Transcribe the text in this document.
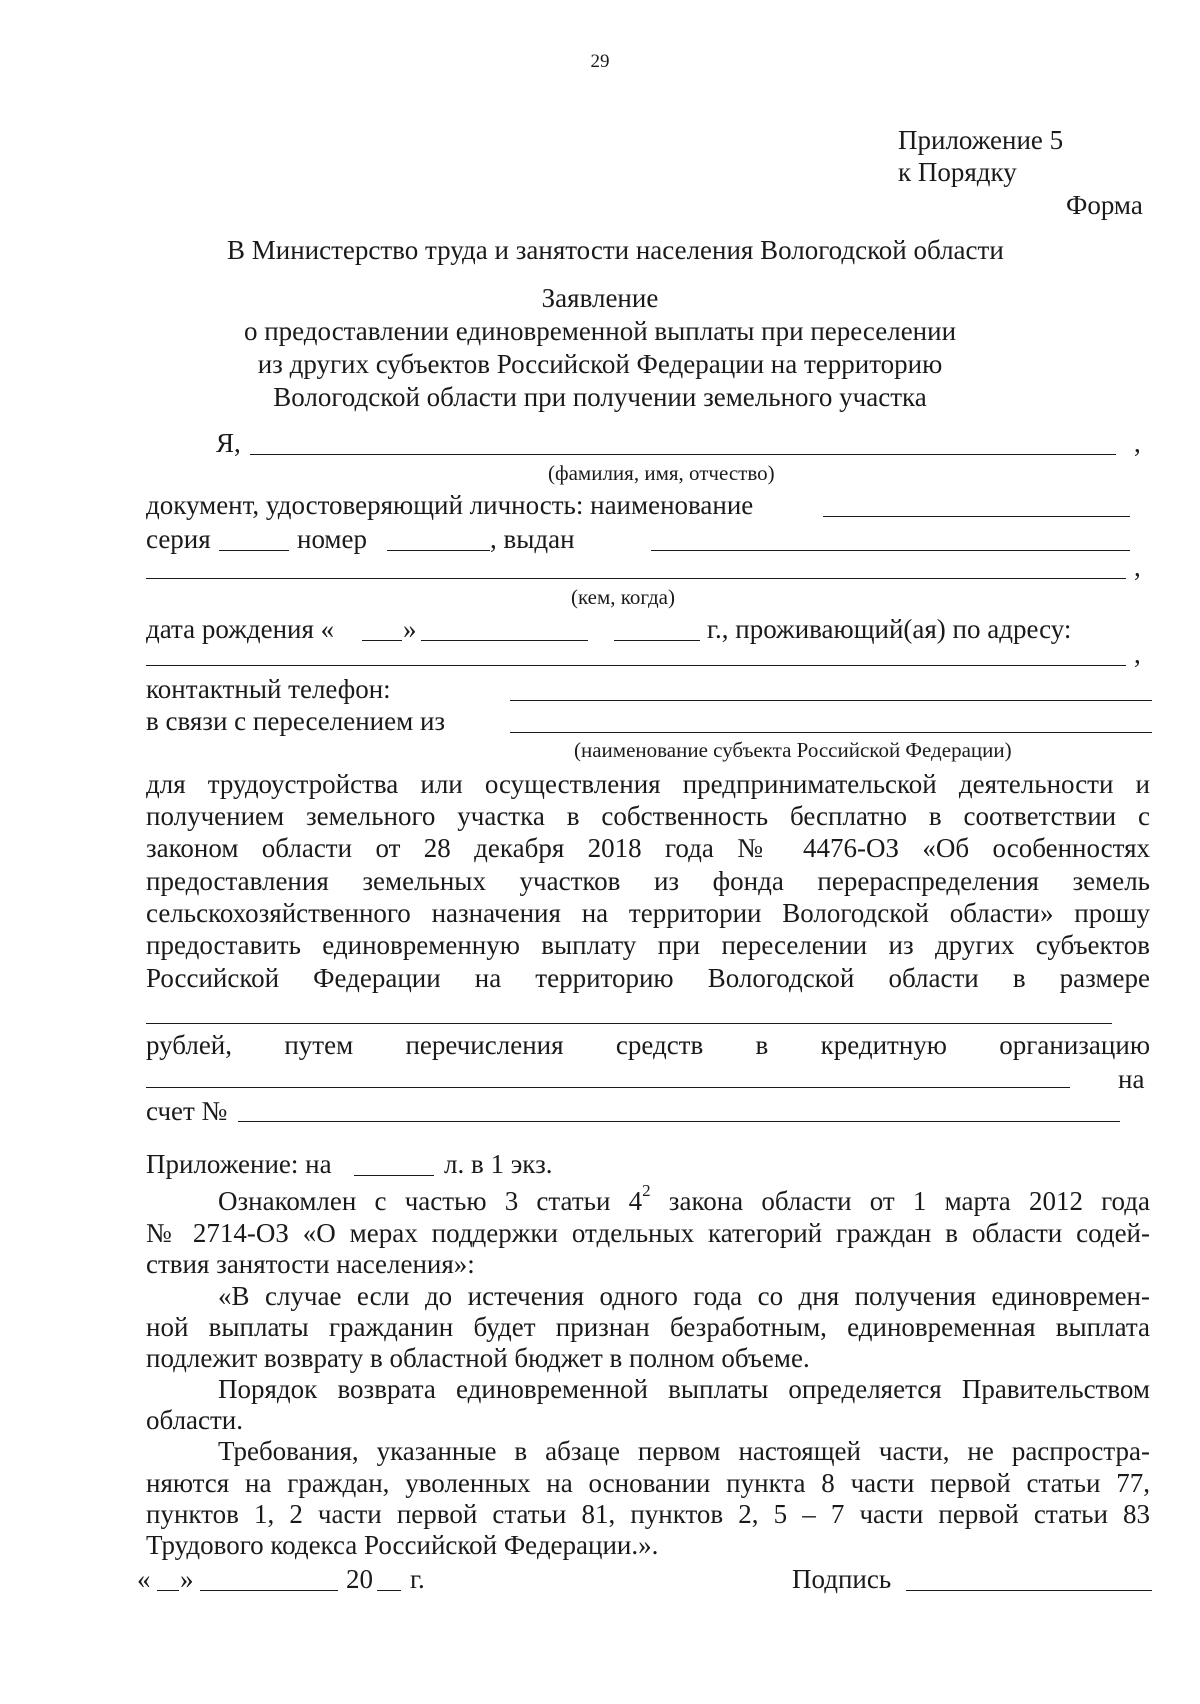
29
Приложение 5
к Порядку
Форма
В Министерство труда и занятости населения Вологодской области
Заявление
о предоставлении единовременной выплаты при переселении
из других субъектов Российской Федерации на территорию
Вологодской области при получении земельного участка
Я,	,
(фамилия, имя, отчество)
документ, удостоверяющий личность: наименование
серия	номер	, выдан
,
(кем, когда)
дата рождения «	»	г., проживающий(ая) по адресу:
,
контактный телефон:
в связи с переселением из
(наименование субъекта Российской Федерации)
для трудоустройства или осуществления предпринимательской деятельности и
получением земельного участка в собственность бесплатно в соответствии с
законом области от 28 декабря 2018 года № 4476-ОЗ «Об особенностях
предоставления земельных участков из фонда перераспределения земель
сельскохозяйственного назначения на территории Вологодской области» прошу
предоставить единовременную выплату при переселении из других субъектов
Российской Федерации на территорию Вологодской области в размере
рублей, путем перечисления средств в кредитную организацию
на
счет №
Приложение: на	л. в 1 экз.
Ознакомлен с частью 3 статьи $4^2$ закона области от 1 марта 2012 года
№ 2714-ОЗ «О мерах поддержки отдельных категорий граждан в области содей-
ствия занятости населения»:
«В случае если до истечения одного года со дня получения единовремен-
ной выплаты гражданин будет признан безработным, единовременная выплата
подлежит возврату в областной бюджет в полном объеме.
Порядок возврата единовременной выплаты определяется Правительством
области.
Требования, указанные в абзаце первом настоящей части, не распростра-
няются на граждан, уволенных на основании пункта 8 части первой статьи 77,
пунктов 1, 2 части первой статьи 81, пунктов 2, 5 – 7 части первой статьи 83
Трудового кодекса Российской Федерации.».
« »	20 г.	Подпись
